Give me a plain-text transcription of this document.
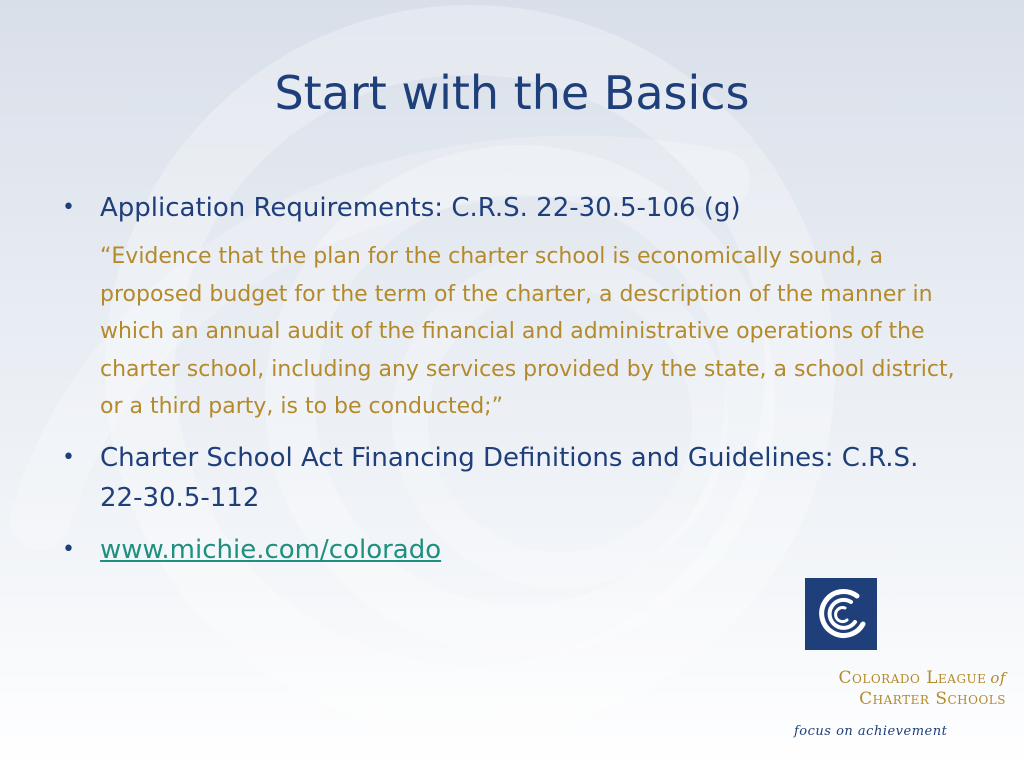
Start with the Basics
• Application Requirements: C.R.S. 22-30.5-106 (g)
“Evidence that the plan for the charter school is economically sound, a proposed budget for the term of the charter, a description of the manner in which an annual audit of the financial and administrative operations of the charter school, including any services provided by the state, a school district, or a third party, is to be conducted;”
• Charter School Act Financing Definitions and Guidelines: C.R.S. 22-30.5-112
• www.michie.com/colorado
Colorado League of
Charter Schools
focus on achievement
